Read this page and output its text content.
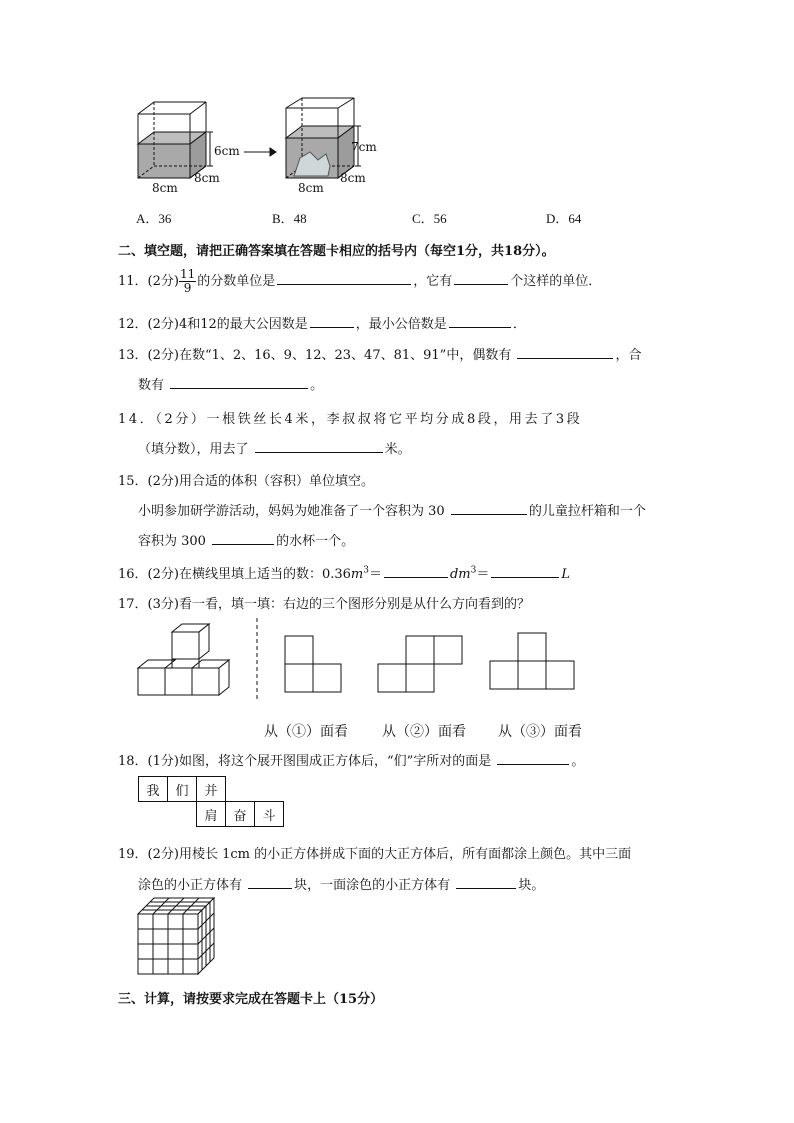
6cm
8cm
8cm
7cm
8cm
8cm
A．36	B．48	C．56	D．64
二、填空题，请把正确答案填在答题卡相应的括号内（每空1分，共18分）。
11．(2分) $\frac{11}{9}$ 的分数单位是	，它有	个这样的单位．
12．(2分)4和12的最大公因数是	，最小公倍数是	．
13．(2分)在数“1、2、16、9、12、23、47、81、91”中，偶数有	，合
数有	。
14．（2分）一根铁丝长4米，李叔叔将它平均分成8段，用去了3段
（填分数），用去了	米。
15．(2分)用合适的体积（容积）单位填空。
小明参加研学游活动，妈妈为她准备了一个容积为 30	的儿童拉杆箱和一个
容积为 300	的水杯一个。
16．(2分)在横线里填上适当的数：$0.36m^3=$	$dm^3=$	L
17．(3分)看一看，填一填：右边的三个图形分别是从什么方向看到的？
从（①）面看 从（②）面看 从（③）面看
18．(1分)如图，将这个展开图围成正方体后，“们”字所对的面是	。
我	们	并		
		肩	奋	斗
19．(2分)用棱长 1cm 的小正方体拼成下面的大正方体后，所有面都涂上颜色。其中三面
涂色的小正方体有	块，一面涂色的小正方体有	块。
三、计算，请按要求完成在答题卡上（15分）
